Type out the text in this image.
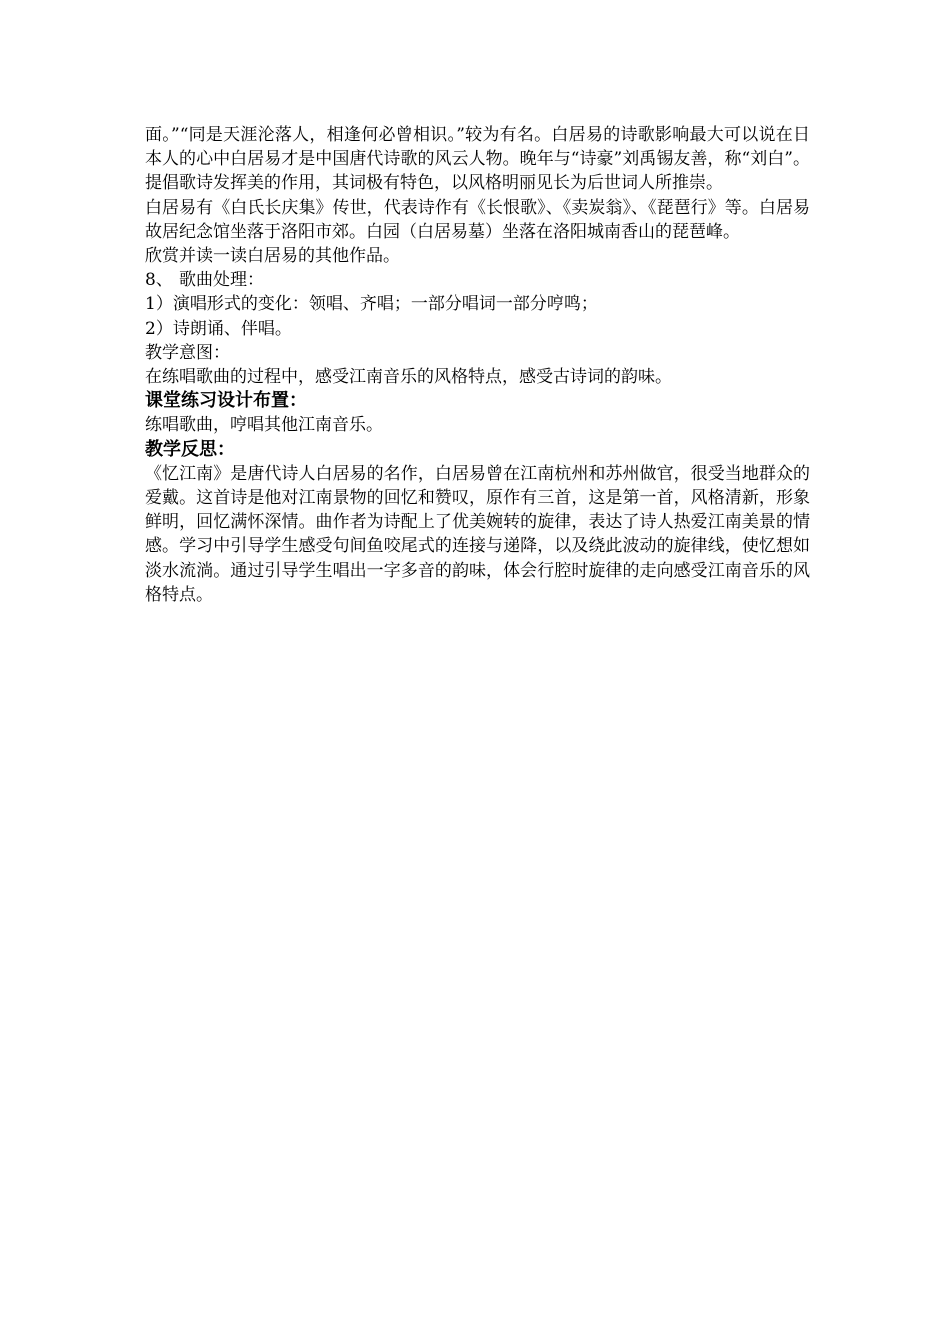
面。”“同是天涯沦落人，相逢何必曾相识。”较为有名。白居易的诗歌影响最大可以说在日本人的心中白居易才是中国唐代诗歌的风云人物。晚年与“诗豪”刘禹锡友善，称“刘白”。提倡歌诗发挥美的作用，其词极有特色，以风格明丽见长为后世词人所推崇。

白居易有《白氏长庆集》传世，代表诗作有《长恨歌》、《卖炭翁》、《琵琶行》等。白居易故居纪念馆坐落于洛阳市郊。白园（白居易墓）坐落在洛阳城南香山的琵琶峰。

欣赏并读一读白居易的其他作品。

8、 歌曲处理：

1）演唱形式的变化：领唱、齐唱；一部分唱词一部分哼鸣；

2）诗朗诵、伴唱。

教学意图：

在练唱歌曲的过程中，感受江南音乐的风格特点，感受古诗词的韵味。

课堂练习设计布置：

练唱歌曲，哼唱其他江南音乐。

教学反思：

《忆江南》是唐代诗人白居易的名作，白居易曾在江南杭州和苏州做官，很受当地群众的爱戴。这首诗是他对江南景物的回忆和赞叹，原作有三首，这是第一首，风格清新，形象鲜明，回忆满怀深情。曲作者为诗配上了优美婉转的旋律，表达了诗人热爱江南美景的情感。学习中引导学生感受句间鱼咬尾式的连接与递降，以及绕此波动的旋律线，使忆想如淡水流淌。通过引导学生唱出一字多音的韵味，体会行腔时旋律的走向感受江南音乐的风格特点。
